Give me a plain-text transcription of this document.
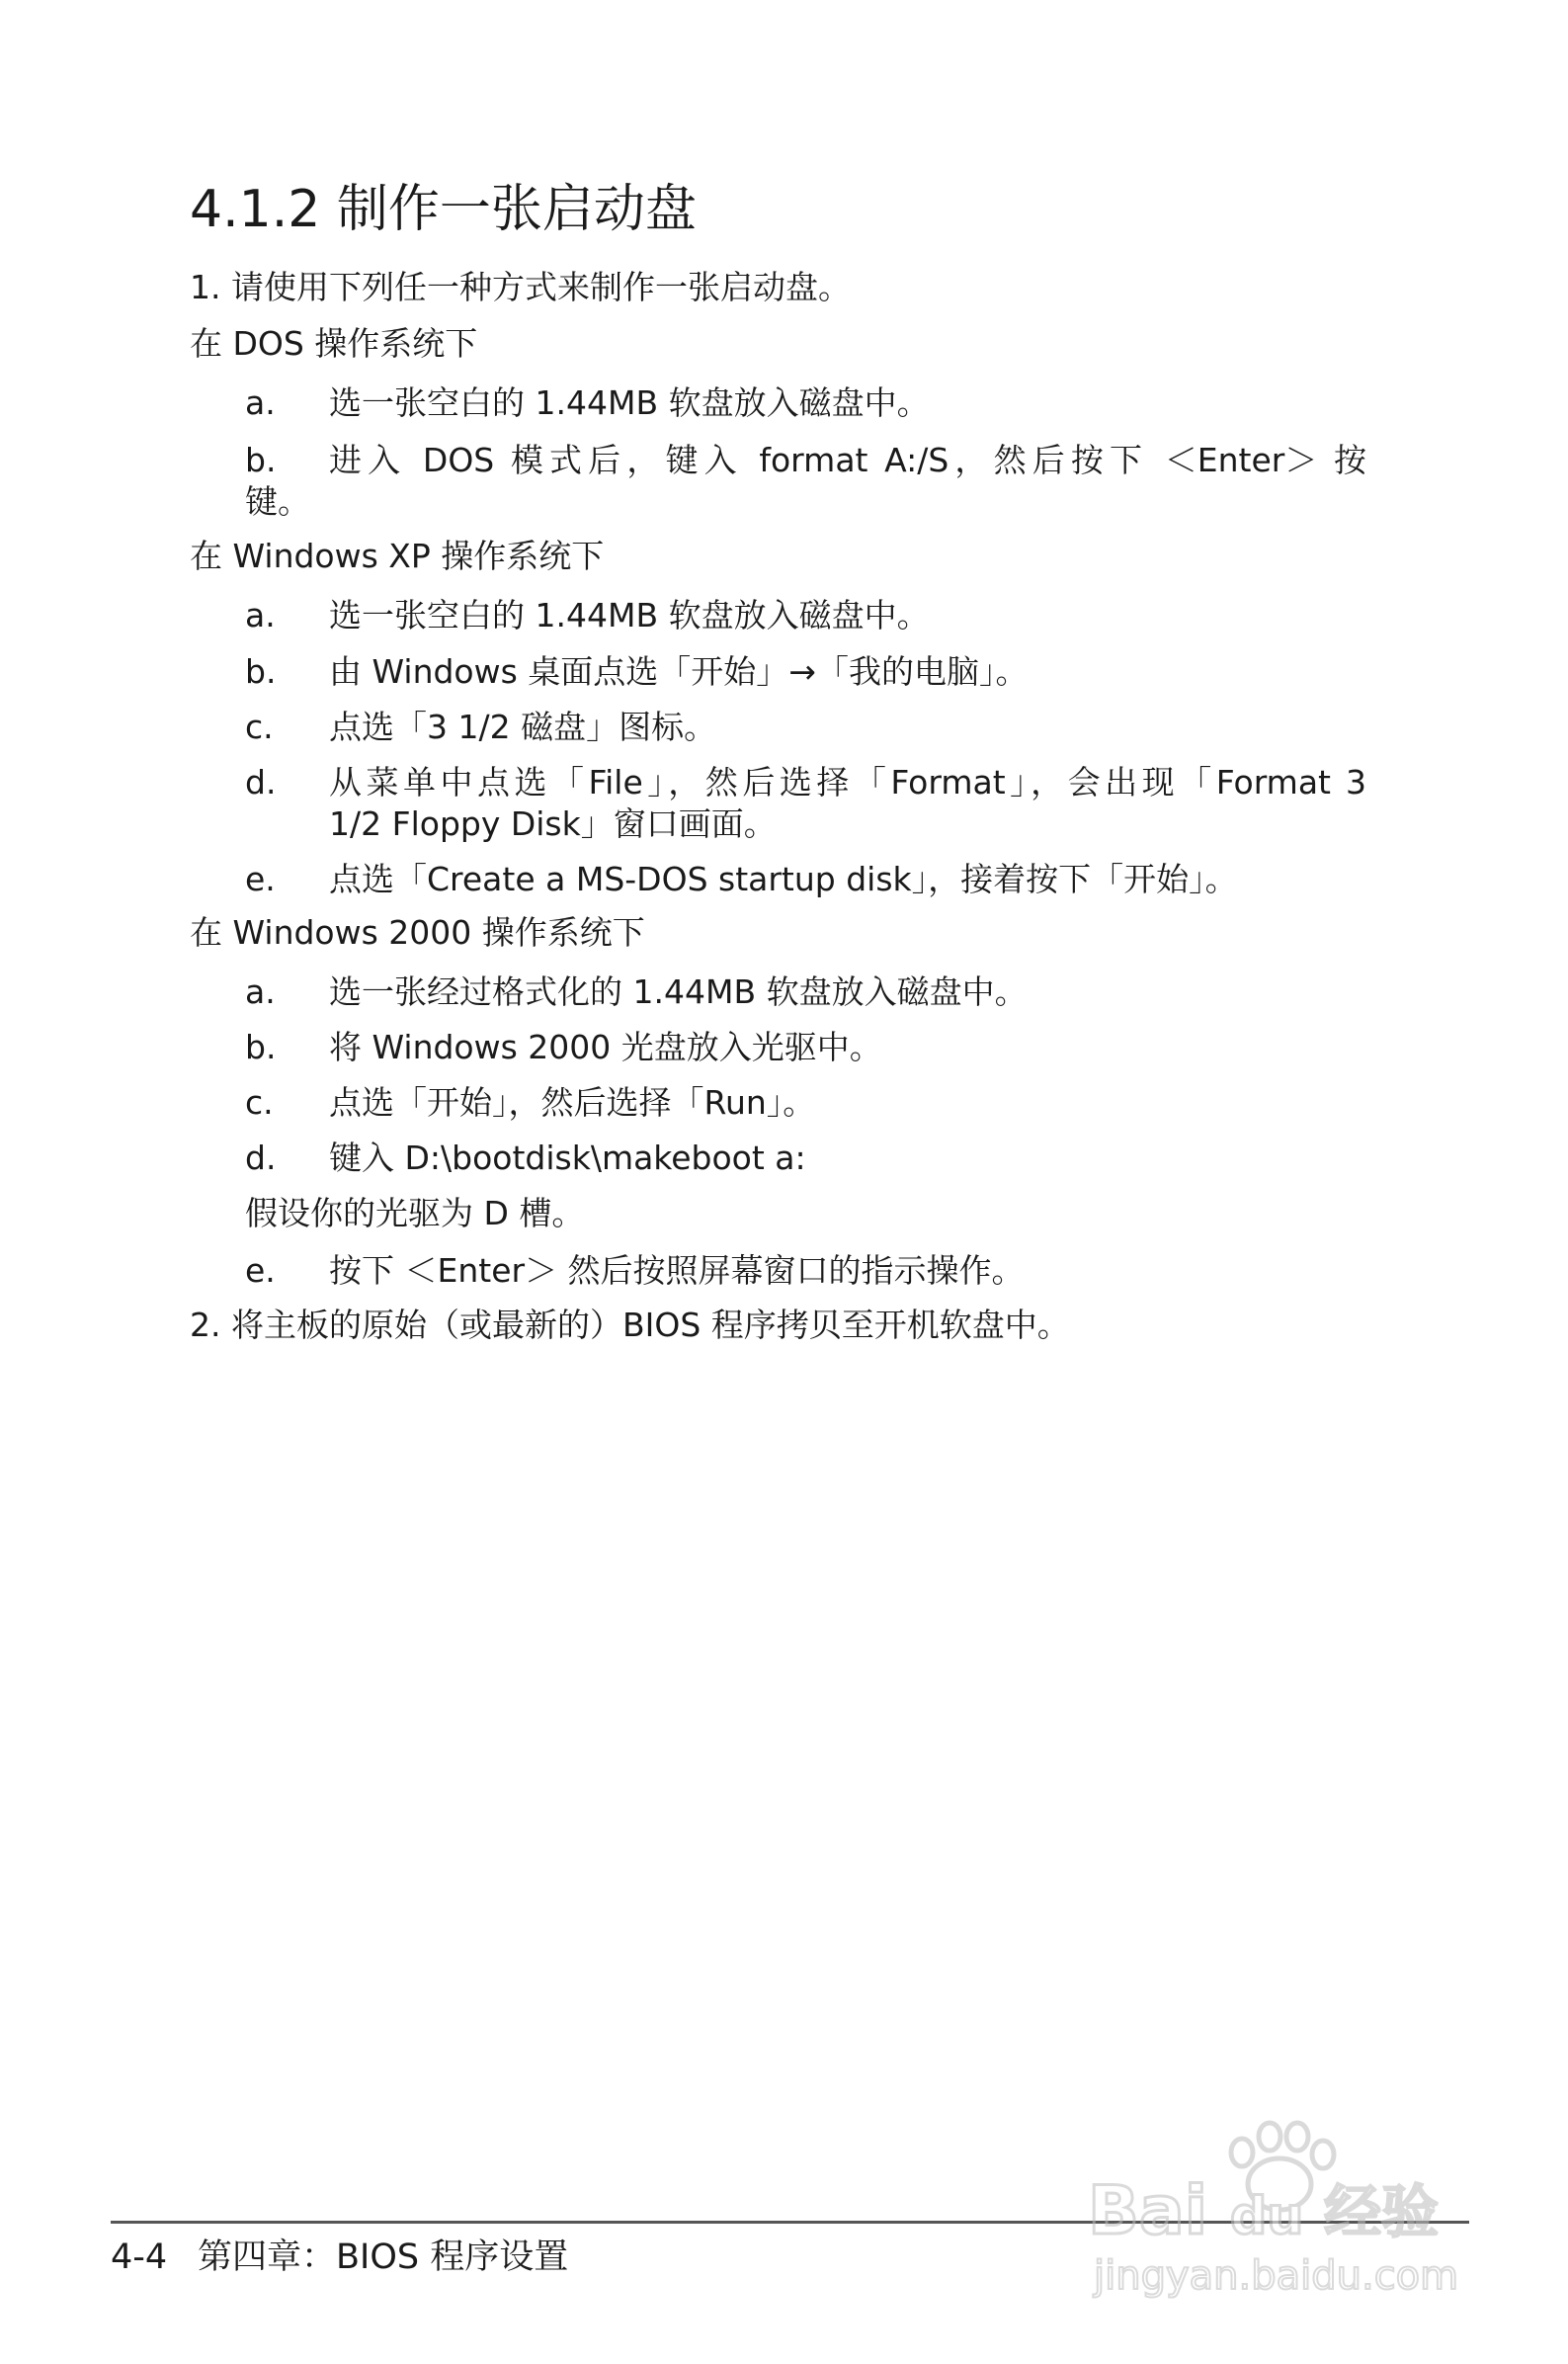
4.1.2 制作一张启动盘
1. 请使用下列任一种方式来制作一张启动盘。
在 DOS 操作系统下
a. 选一张空白的 1.44MB 软盘放入磁盘中。
b. 进入 DOS 模式后，键入 format A:/S，然后按下 ＜Enter＞ 按
键。
在 Windows XP 操作系统下
a. 选一张空白的 1.44MB 软盘放入磁盘中。
b. 由 Windows 桌面点选「开始」→「我的电脑」。
c. 点选「3 1/2 磁盘」图标。
d. 从菜单中点选「File」，然后选择「Format」，会出现「Format 3
1/2 Floppy Disk」窗口画面。
e. 点选「Create a MS-DOS startup disk」，接着按下「开始」。
在 Windows 2000 操作系统下
a. 选一张经过格式化的 1.44MB 软盘放入磁盘中。
b. 将 Windows 2000 光盘放入光驱中。
c. 点选「开始」，然后选择「Run」。
d. 键入 D:\bootdisk\makeboot a:
假设你的光驱为 D 槽。
e. 按下 ＜Enter＞ 然后按照屏幕窗口的指示操作。
2. 将主板的原始（或最新的）BIOS 程序拷贝至开机软盘中。
4-4 第四章：BIOS 程序设置
Bai du 经验
jingyan.baidu.com
